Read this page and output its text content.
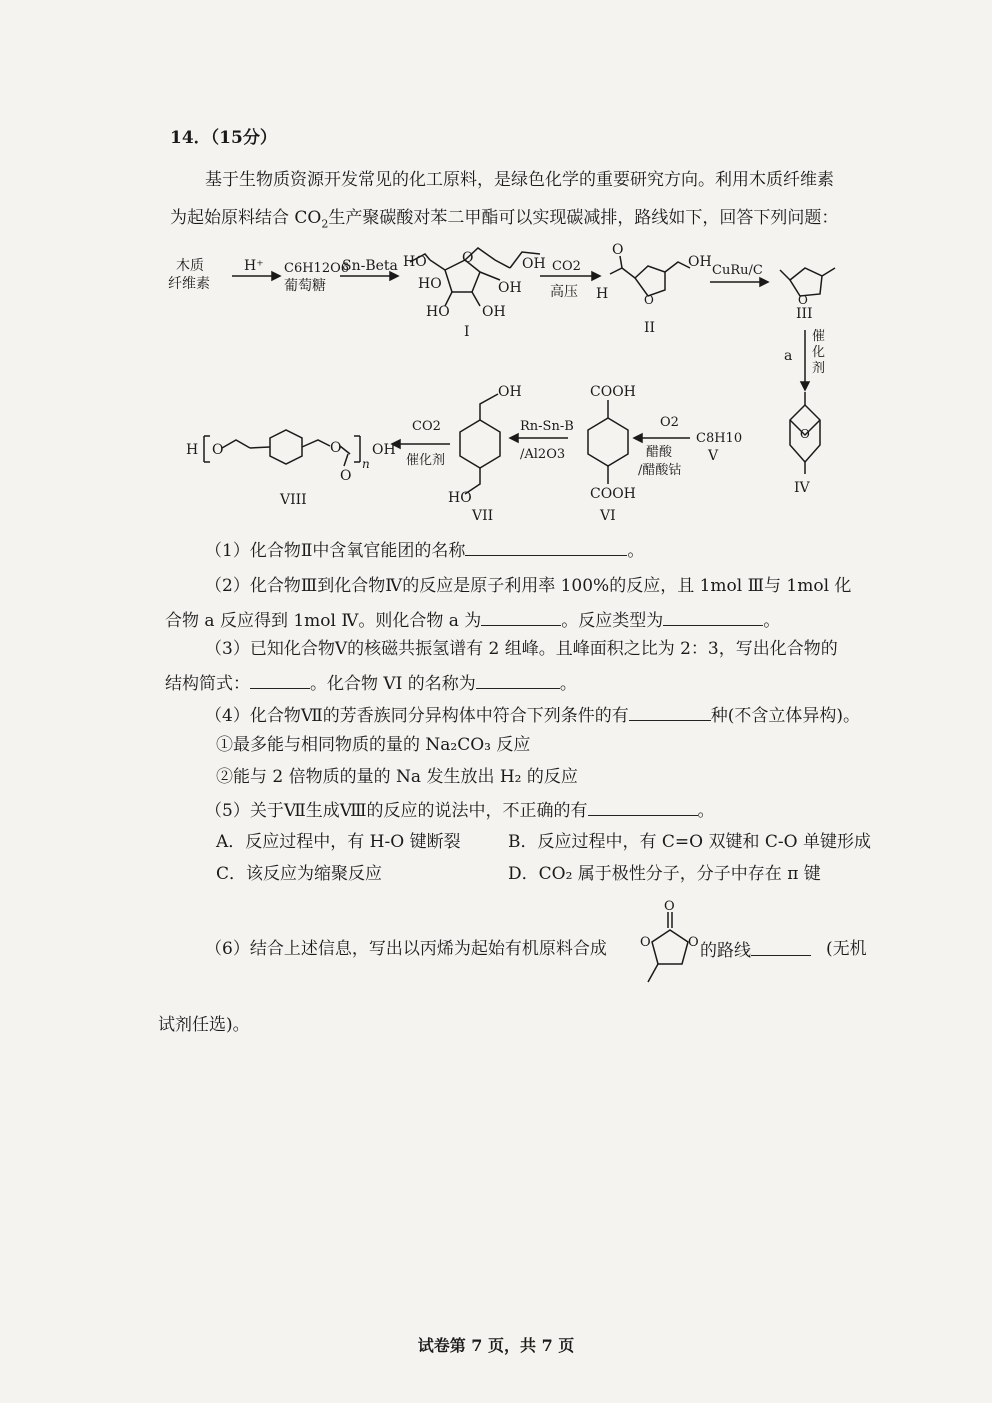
14．（15分）
基于生物质资源开发常见的化工原料，是绿色化学的重要研究方向。利用木质纤维素
为起始原料结合 $CO_2$生产聚碳酸对苯二甲酯可以实现碳减排，路线如下，回答下列问题：
木质
纤维素
H⁺ C6H12O6
葡萄糖
Sn-Beta HO	OH
O
HO	OH
HO OH
I
CO2
高压
O
H	O
OH
II
CuRu/C
O
III
a
催
化
剂
O
IV
C8H10
V
O2
醋酸
/醋酸钴
COOH
COOH
VI
Rn-Sn-B
/Al2O3
OH
HO
VII
CO2
催化剂
H O	O
O
n
OH
VIII
（1）化合物Ⅱ中含氧官能团的名称	。
（2）化合物Ⅲ到化合物Ⅳ的反应是原子利用率 100%的反应，且 1mol Ⅲ与 1mol 化
合物 a 反应得到 1mol Ⅳ。则化合物 a 为	。反应类型为	。
（3）已知化合物Ⅴ的核磁共振氢谱有 2 组峰。且峰面积之比为 2：3，写出化合物的
结构简式：	。化合物 VI 的名称为	。
（4）化合物Ⅶ的芳香族同分异构体中符合下列条件的有	种(不含立体异构)。
①最多能与相同物质的量的 Na₂CO₃ 反应
②能与 2 倍物质的量的 Na 发生放出 H₂ 的反应
（5）关于Ⅶ生成Ⅷ的反应的说法中，不正确的有	。
A．反应过程中，有 H-O 键断裂	B．反应过程中，有 C=O 双键和 C-O 单键形成
C．该反应为缩聚反应	D．CO₂ 属于极性分子，分子中存在 π 键
（6）结合上述信息，写出以丙烯为起始有机原料合成
O
O	O 的路线	(无机
试剂任选)。
试卷第 7 页，共 7 页
